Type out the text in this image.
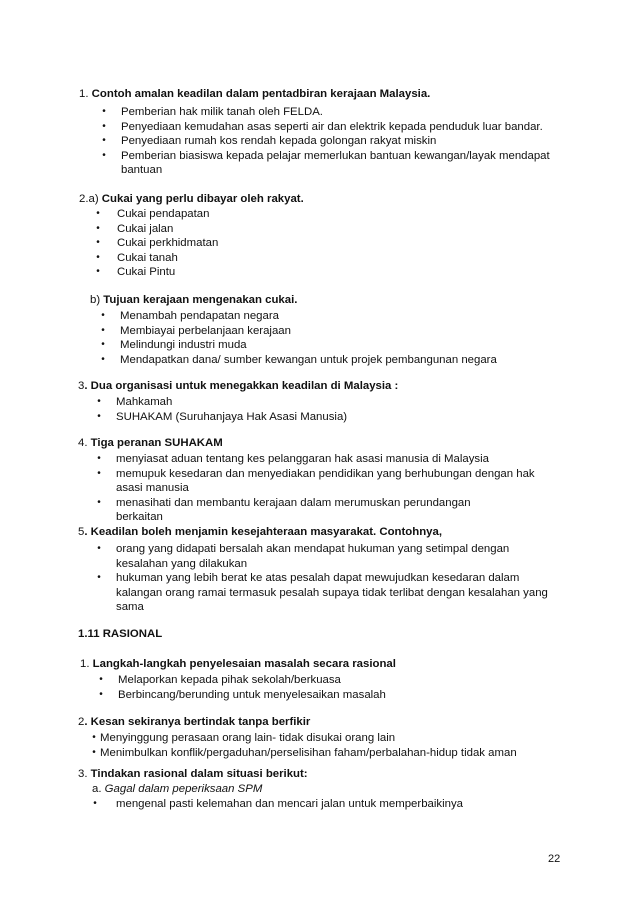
1. Contoh amalan keadilan dalam pentadbiran kerajaan Malaysia.
• Pemberian hak milik tanah oleh FELDA.
• Penyediaan kemudahan asas seperti air dan elektrik kepada penduduk luar bandar.
• Penyediaan rumah kos rendah kepada golongan rakyat miskin
• Pemberian biasiswa kepada pelajar memerlukan bantuan kewangan/layak mendapat bantuan
2.a) Cukai yang perlu dibayar oleh rakyat.
• Cukai pendapatan
• Cukai jalan
• Cukai perkhidmatan
• Cukai tanah
• Cukai Pintu
b) Tujuan kerajaan mengenakan cukai.
• Menambah pendapatan negara
• Membiayai perbelanjaan kerajaan
• Melindungi industri muda
• Mendapatkan dana/ sumber kewangan untuk projek pembangunan negara
3. Dua organisasi untuk menegakkan keadilan di Malaysia :
• Mahkamah
• SUHAKAM (Suruhanjaya Hak Asasi Manusia)
4. Tiga peranan SUHAKAM
• menyiasat aduan tentang kes pelanggaran hak asasi manusia di Malaysia
• memupuk kesedaran dan menyediakan pendidikan yang berhubungan dengan hak asasi manusia
• menasihati dan membantu kerajaan dalam merumuskan perundangan berkaitan
5. Keadilan boleh menjamin kesejahteraan masyarakat. Contohnya,
• orang yang didapati bersalah akan mendapat hukuman yang setimpal dengan kesalahan yang dilakukan
• hukuman yang lebih berat ke atas pesalah dapat mewujudkan kesedaran dalam kalangan orang ramai termasuk pesalah supaya tidak terlibat dengan kesalahan yang sama
1.11 RASIONAL
1. Langkah-langkah penyelesaian masalah secara rasional
• Melaporkan kepada pihak sekolah/berkuasa
• Berbincang/berunding untuk menyelesaikan masalah
2. Kesan sekiranya bertindak tanpa berfikir
• Menyinggung perasaan orang lain- tidak disukai orang lain
• Menimbulkan konflik/pergaduhan/perselisihan faham/perbalahan-hidup tidak aman
3. Tindakan rasional dalam situasi berikut:
a. Gagal dalam peperiksaan SPM
• mengenal pasti kelemahan dan mencari jalan untuk memperbaikinya
22
